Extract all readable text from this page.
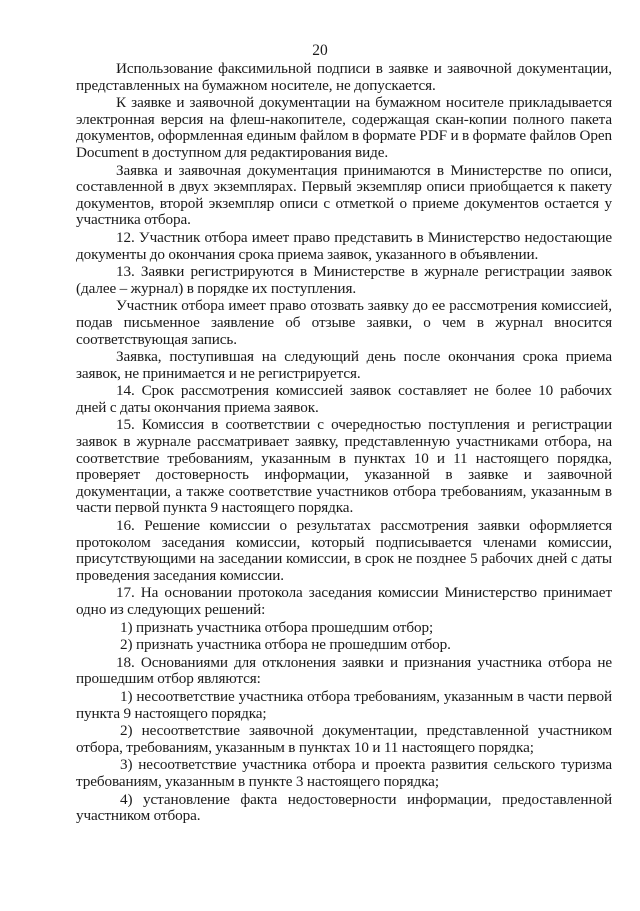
20

Использование факсимильной подписи в заявке и заявочной документации, представленных на бумажном носителе, не допускается.

К заявке и заявочной документации на бумажном носителе прикладывается электронная версия на флеш-накопителе, содержащая скан-копии полного пакета документов, оформленная единым файлом в формате PDF и в формате файлов Open Document в доступном для редактирования виде.

Заявка и заявочная документация принимаются в Министерстве по описи, составленной в двух экземплярах. Первый экземпляр описи приобщается к пакету документов, второй экземпляр описи с отметкой о приеме документов остается у участника отбора.

12. Участник отбора имеет право представить в Министерство недостающие документы до окончания срока приема заявок, указанного в объявлении.

13. Заявки регистрируются в Министерстве в журнале регистрации заявок (далее – журнал) в порядке их поступления.

Участник отбора имеет право отозвать заявку до ее рассмотрения комиссией, подав письменное заявление об отзыве заявки, о чем в журнал вносится соответствующая запись.

Заявка, поступившая на следующий день после окончания срока приема заявок, не принимается и не регистрируется.

14. Срок рассмотрения комиссией заявок составляет не более 10 рабочих дней с даты окончания приема заявок.

15. Комиссия в соответствии с очередностью поступления и регистрации заявок в журнале рассматривает заявку, представленную участниками отбора, на соответствие требованиям, указанным в пунктах 10 и 11 настоящего порядка, проверяет достоверность информации, указанной в заявке и заявочной документации, а также соответствие участников отбора требованиям, указанным в части первой пункта 9 настоящего порядка.

16. Решение комиссии о результатах рассмотрения заявки оформляется протоколом заседания комиссии, который подписывается членами комиссии, присутствующими на заседании комиссии, в срок не позднее 5 рабочих дней с даты проведения заседания комиссии.

17. На основании протокола заседания комиссии Министерство принимает одно из следующих решений:

1) признать участника отбора прошедшим отбор;

2) признать участника отбора не прошедшим отбор.

18. Основаниями для отклонения заявки и признания участника отбора не прошедшим отбор являются:

1) несоответствие участника отбора требованиям, указанным в части первой пункта 9 настоящего порядка;

2) несоответствие заявочной документации, представленной участником отбора, требованиям, указанным в пунктах 10 и 11 настоящего порядка;

3) несоответствие участника отбора и проекта развития сельского туризма требованиям, указанным в пункте 3 настоящего порядка;

4) установление факта недостоверности информации, предоставленной участником отбора.
